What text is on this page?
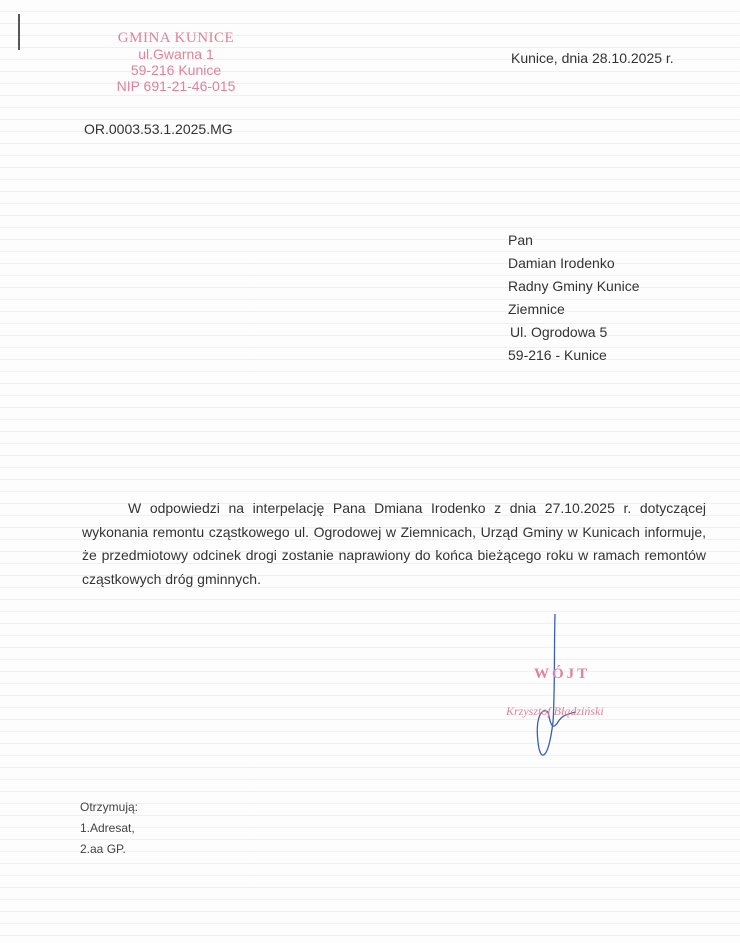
GMINA KUNICE
ul.Gwarna 1
59-216 Kunice
NIP 691-21-46-015
Kunice, dnia 28.10.2025 r.
OR.0003.53.1.2025.MG
Pan
Damian Irodenko
Radny Gminy Kunice
Ziemnice
Ul. Ogrodowa 5
59-216 - Kunice

W odpowiedzi na interpelację Pana Dmiana Irodenko z dnia 27.10.2025 r. dotyczącej wykonania remontu cząstkowego ul. Ogrodowej w Ziemnicach, Urząd Gminy w Kunicach informuje, że przedmiotowy odcinek drogi zostanie naprawiony do końca bieżącego roku w ramach remontów cząstkowych dróg gminnych.

WÓJT
Krzysztof Błądziński
Otrzymują:
1.Adresat,
2.aa GP.
